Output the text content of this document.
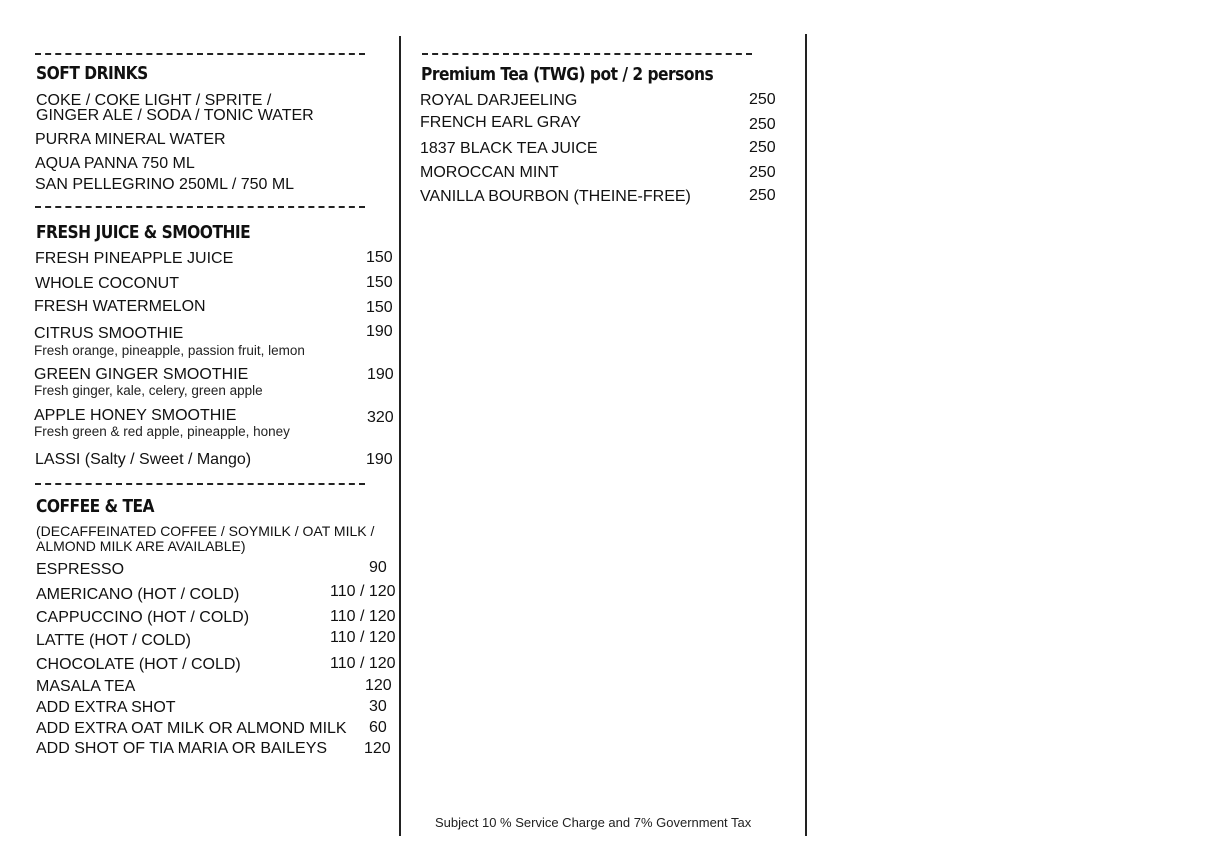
SOFT DRINKS
COKE / COKE LIGHT / SPRITE /
GINGER ALE / SODA / TONIC WATER
PURRA MINERAL WATER
AQUA PANNA 750 ML
SAN PELLEGRINO 250ML / 750 ML
FRESH JUICE & SMOOTHIE
FRESH PINEAPPLE JUICE	150
WHOLE COCONUT	150
FRESH WATERMELON	150
CITRUS SMOOTHIE
Fresh orange, pineapple, passion fruit, lemon
190
GREEN GINGER SMOOTHIE
Fresh ginger, kale, celery, green apple
190
APPLE HONEY SMOOTHIE
Fresh green & red apple, pineapple, honey
320
LASSI (Salty / Sweet / Mango)	190
COFFEE & TEA
(DECAFFEINATED COFFEE / SOYMILK / OAT MILK /
ALMOND MILK ARE AVAILABLE)
ESPRESSO	90
AMERICANO (HOT / COLD)	110 / 120
CAPPUCCINO (HOT / COLD)	110 / 120
LATTE (HOT / COLD)	110 / 120
CHOCOLATE (HOT / COLD)	110 / 120
MASALA TEA	120
ADD EXTRA SHOT	30
ADD EXTRA OAT MILK OR ALMOND MILK 60
ADD SHOT OF TIA MARIA OR BAILEYS 120
Premium Tea (TWG) pot / 2 persons
ROYAL DARJEELING	250
FRENCH EARL GRAY	250
1837 BLACK TEA JUICE	250
MOROCCAN MINT	250
VANILLA BOURBON (THEINE-FREE)	250
Subject 10 % Service Charge and 7% Government Tax
